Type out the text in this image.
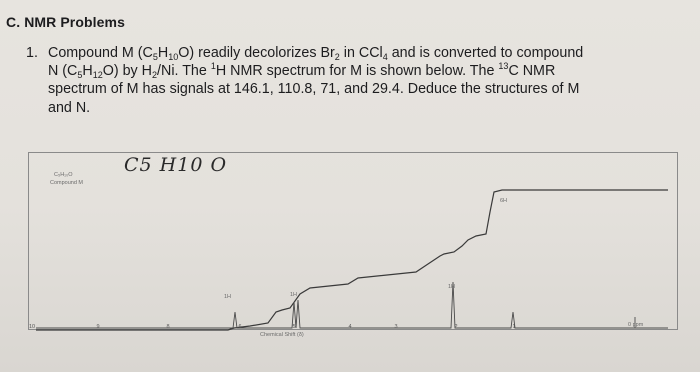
C. NMR Problems
1. Compound M $(C_5H_{10}O)$ readily decolorizes $Br_2$ in CCl$_4$ and is converted to compound
N $(C_5H_{12}O)$ by $H_2/Ni$. The $^1$H NMR spectrum for M is shown below. The $^{13}$C NMR
spectrum of M has signals at 146.1, 110.8, 71, and 29.4. Deduce the structures of M
and N.
C₅H₁₀O
Compound M
C5 H10 O
1H	1H
1H
6H
10	9	8	6	5	4	3	2	1
Chemical Shift (δ)
0 ppm
